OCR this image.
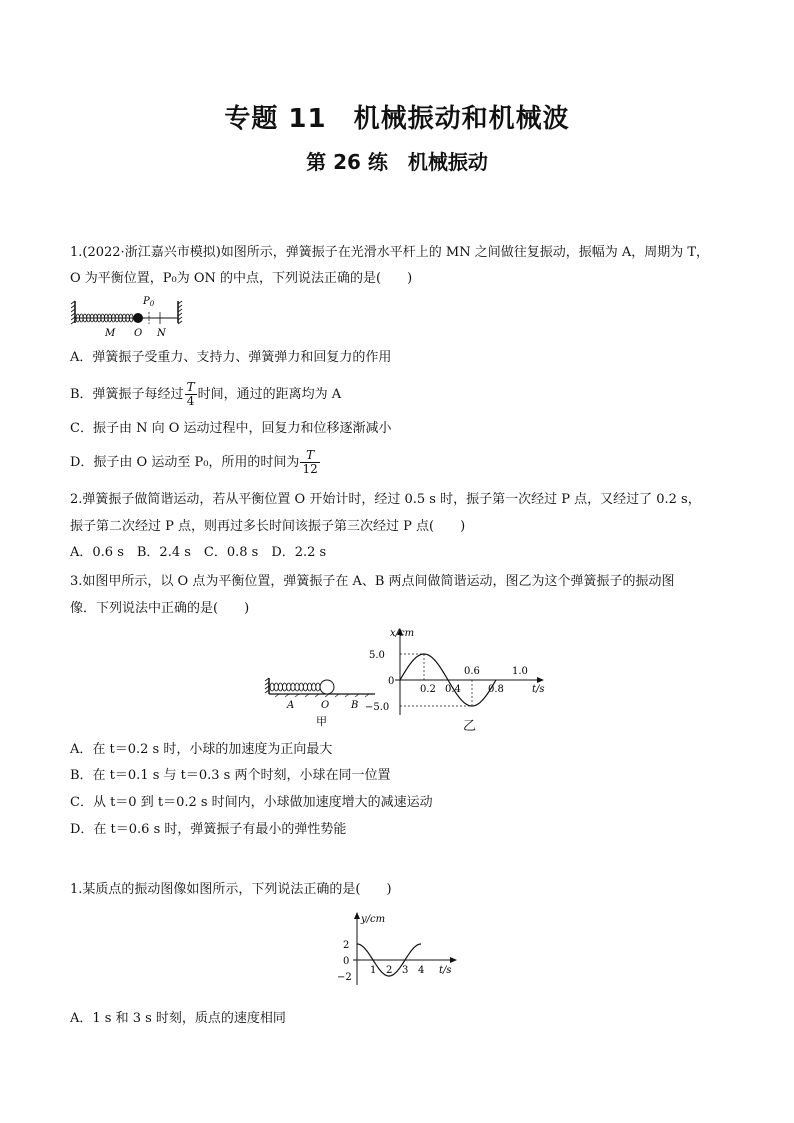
专题 11　机械振动和机械波
第 26 练　机械振动
1.(2022·浙江嘉兴市模拟)如图所示，弹簧振子在光滑水平杆上的 MN 之间做往复振动，振幅为 A，周期为 T，
O 为平衡位置，P₀为 ON 的中点，下列说法正确的是(　　)
$P_0$
M O N
A．弹簧振子受重力、支持力、弹簧弹力和回复力的作用
B．弹簧振子每经过 $\frac{T}{4}$ 时间，通过的距离均为 A
C．振子由 N 向 O 运动过程中，回复力和位移逐渐减小
D．振子由 O 运动至 P₀，所用的时间为 $\frac{T}{12}$
2.弹簧振子做简谐运动，若从平衡位置 O 开始计时，经过 0.5 s 时，振子第一次经过 P 点，又经过了 0.2 s，
振子第二次经过 P 点，则再过多长时间该振子第三次经过 P 点(　　)
A．0.6 s　B．2.4 s　C．0.8 s　D．2.2 s
3.如图甲所示，以 O 点为平衡位置，弹簧振子在 A、B 两点间做简谐运动，图乙为这个弹簧振子的振动图
像．下列说法中正确的是(　　)
A	O B
甲
x/cm
t/s
5.0
0
−5.0
0.2 0.4
0.6
0.8
1.0
乙
A．在 t＝0.2 s 时，小球的加速度为正向最大
B．在 t＝0.1 s 与 t＝0.3 s 两个时刻，小球在同一位置
C．从 t＝0 到 t＝0.2 s 时间内，小球做加速度增大的减速运动
D．在 t＝0.6 s 时，弹簧振子有最小的弹性势能
1.某质点的振动图像如图所示，下列说法正确的是(　　)
y/cm
t/s
2
0
−2
1 2 3 4
A．1 s 和 3 s 时刻，质点的速度相同
